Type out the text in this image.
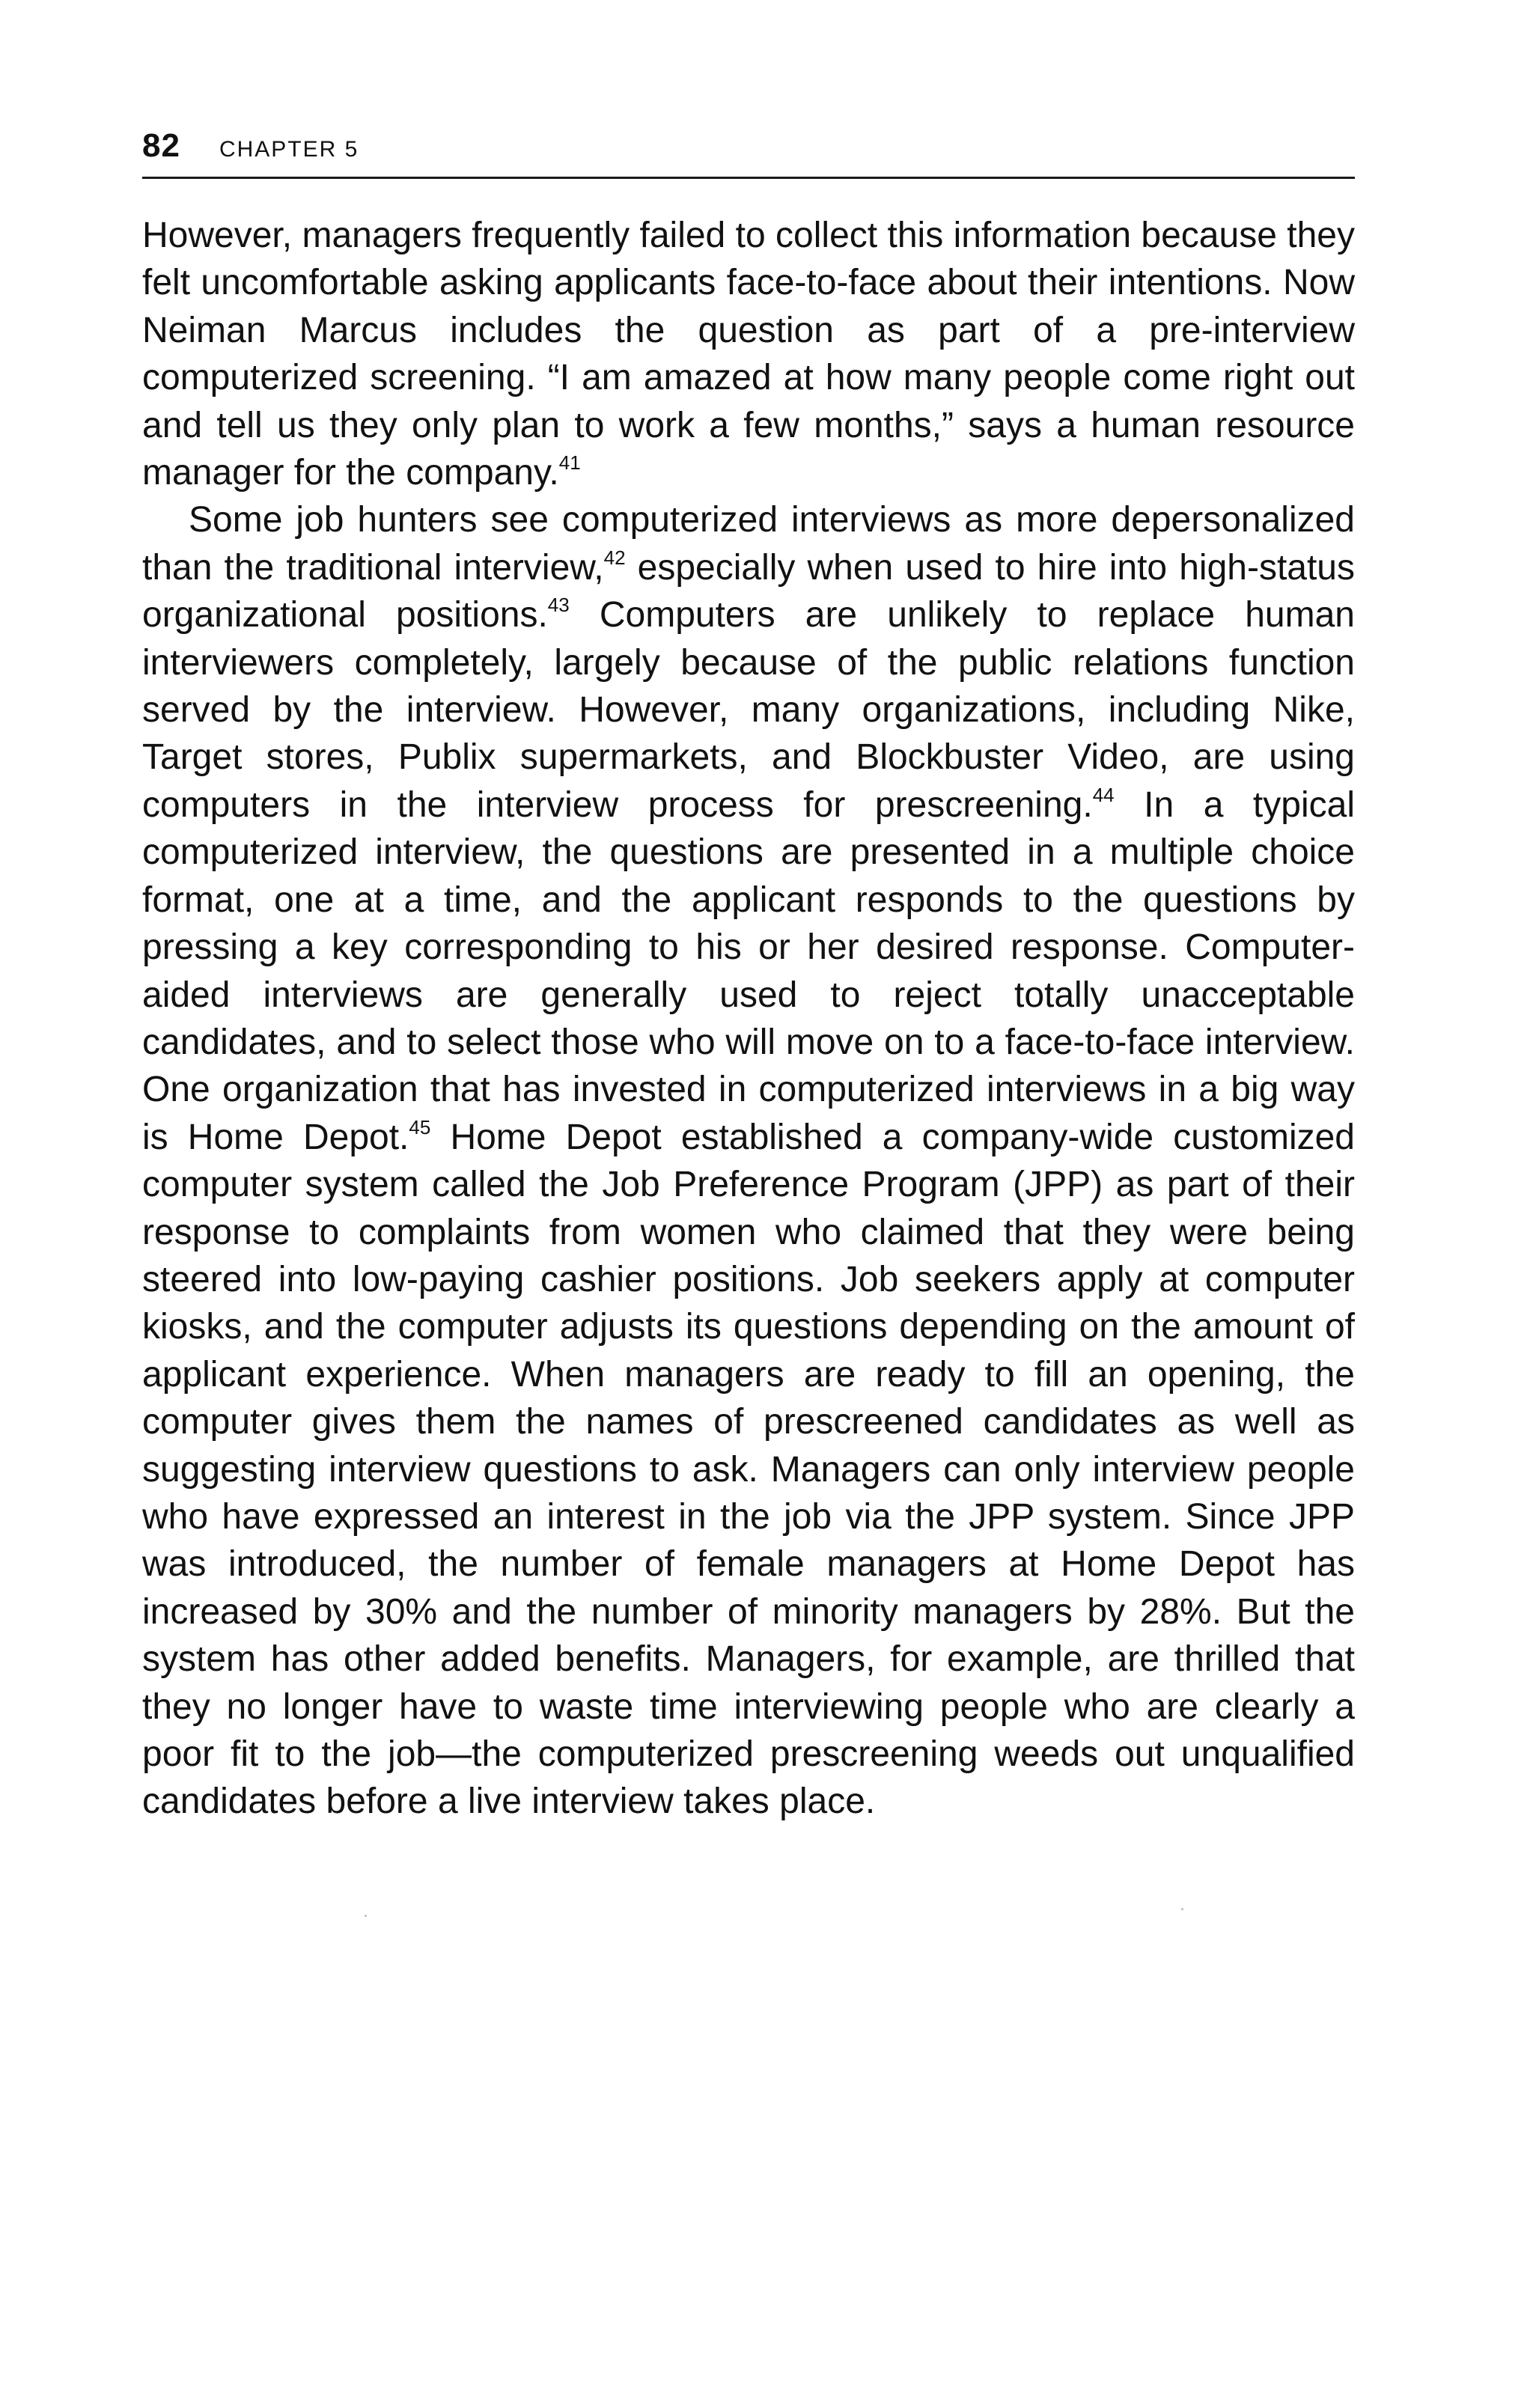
82 CHAPTER 5

However, managers frequently failed to collect this information because they felt uncomfortable asking applicants face-to-face about their intentions. Now Neiman Marcus includes the question as part of a pre-interview computerized screening. “I am amazed at how many people come right out and tell us they only plan to work a few months,” says a human resource manager for the company.$^{41}$

Some job hunters see computerized interviews as more depersonalized than the traditional interview,$^{42}$ especially when used to hire into high-status organizational positions.$^{43}$ Computers are unlikely to replace human interviewers completely, largely because of the public relations function served by the interview. However, many organizations, including Nike, Target stores, Publix supermarkets, and Blockbuster Video, are using computers in the interview process for prescreening.$^{44}$ In a typical computerized interview, the questions are presented in a multiple choice format, one at a time, and the applicant responds to the questions by pressing a key corresponding to his or her desired response. Computer-aided interviews are generally used to reject totally unacceptable candidates, and to select those who will move on to a face-to-face interview. One organization that has invested in computerized interviews in a big way is Home Depot.$^{45}$ Home Depot established a company-wide customized computer system called the Job Preference Program (JPP) as part of their response to complaints from women who claimed that they were being steered into low-paying cashier positions. Job seekers apply at computer kiosks, and the computer adjusts its questions depending on the amount of applicant experience. When managers are ready to fill an opening, the computer gives them the names of prescreened candidates as well as suggesting interview questions to ask. Managers can only interview people who have expressed an interest in the job via the JPP system. Since JPP was introduced, the number of female managers at Home Depot has increased by 30% and the number of minority managers by 28%. But the system has other added benefits. Managers, for example, are thrilled that they no longer have to waste time interviewing people who are clearly a poor fit to the job—the computerized prescreening weeds out unqualified candidates before a live interview takes place.
